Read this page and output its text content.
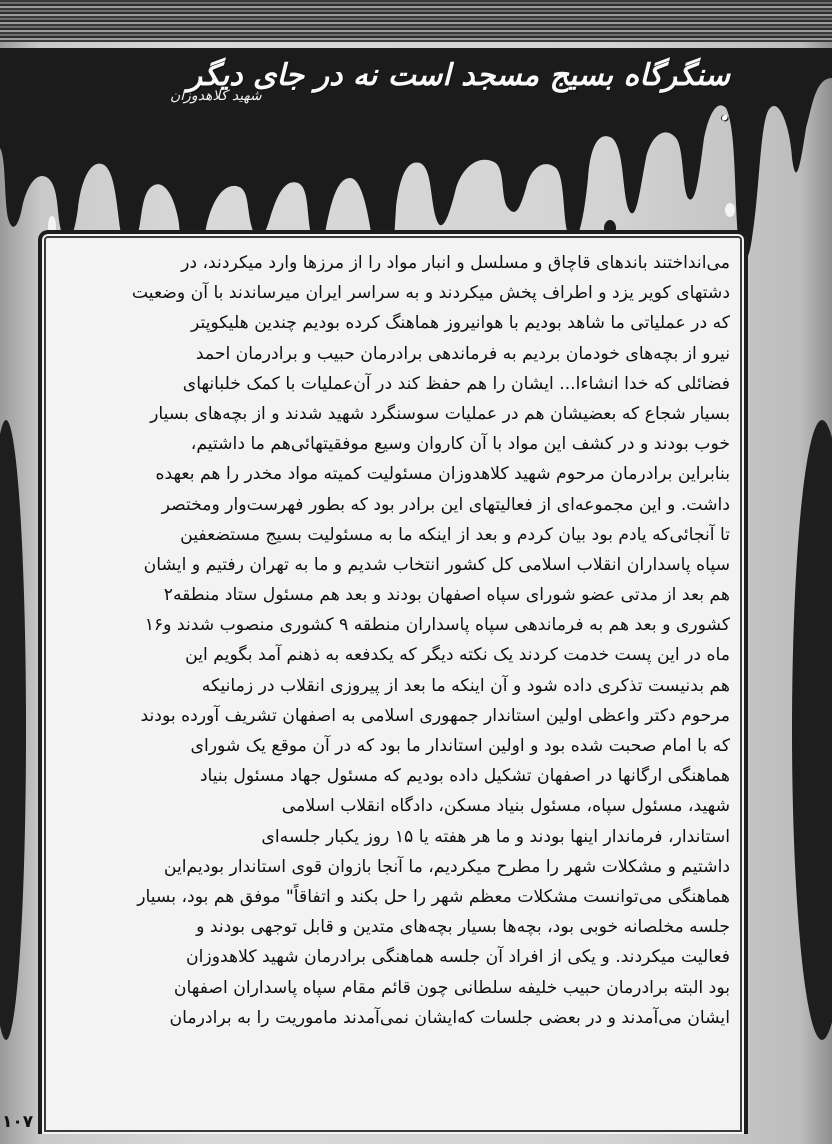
سنگرگاه بسیج مسجد است نه در جای دیگر .
شهید کلاهدوزان
می‌انداختند باندهای قاچاق و مسلسل و انبار مواد را از مرزها وارد میکردند، در
دشتهای کویر یزد و اطراف پخش میکردند و به سراسر ایران میرساندند با آن وضعیت
که در عملیاتی ما شاهد بودیم با هوانیروز هماهنگ کرده بودیم چندین هلیکوپتر
نیرو از بچه‌های خودمان بردیم به فرماندهی برادرمان حبیب و برادرمان احمد
فضائلی که خدا انشاءا... ایشان را هم حفظ کند در آن‌عملیات با کمک خلبانهای
بسیار شجاع که بعضیشان هم در عملیات سوسنگرد شهید شدند و از بچه‌های بسیار
خوب بودند و در کشف این مواد با آن کاروان وسیع موفقیتهائی‌هم ما داشتیم،
بنابراین برادرمان مرحوم شهید کلاهدوزان مسئولیت کمیته مواد مخدر را هم بعهده
داشت. و این مجموعه‌ای از فعالیتهای این برادر بود که بطور فهرست‌وار ومختصر
تا آنجائی‌که یادم بود بیان کردم و بعد از اینکه ما به مسئولیت بسیج مستضعفین
سپاه پاسداران انقلاب اسلامی کل کشور انتخاب شدیم و ما به تهران رفتیم و ایشان
هم بعد از مدتی عضو شورای سپاه اصفهان بودند و بعد هم مسئول ستاد منطقه۲
کشوری و بعد هم به فرماندهی سپاه پاسداران منطقه ۹ کشوری منصوب شدند و۱۶
ماه در این پست خدمت کردند یک نکته دیگر که یکدفعه به ذهنم آمد بگویم این
هم بدنیست تذکری داده شود و آن اینکه ما بعد از پیروزی انقلاب در زمانیکه
مرحوم دکتر واعظی اولین استاندار جمهوری اسلامی به اصفهان تشریف آورده بودند
که با امام صحبت شده بود و اولین استاندار ما بود که در آن موقع یک شورای
هماهنگی ارگانها در اصفهان تشکیل داده بودیم که مسئول جهاد مسئول بنیاد
شهید، مسئول سپاه، مسئول بنیاد مسکن، دادگاه انقلاب اسلامی
استاندار، فرماندار اینها بودند و ما هر هفته یا ۱۵ روز یکبار جلسه‌ای
داشتیم و مشکلات شهر را مطرح میکردیم، ما آنجا بازوان قوی استاندار بودیم‌این
هماهنگی می‌توانست مشکلات معظم شهر را حل بکند و اتفاقاً" موفق هم بود، بسیار
جلسه مخلصانه خوبی بود، بچه‌ها بسیار بچه‌های متدین و قابل توجهی بودند و
فعالیت میکردند. و یکی از افراد آن جلسه هماهنگی برادرمان شهید کلاهدوزان
بود البته برادرمان حبیب خلیفه سلطانی چون قائم مقام سپاه پاسداران اصفهان
ایشان می‌آمدند و در بعضی جلسات که‌ایشان نمی‌آمدند ماموریت را به برادرمان
۱۰۷
